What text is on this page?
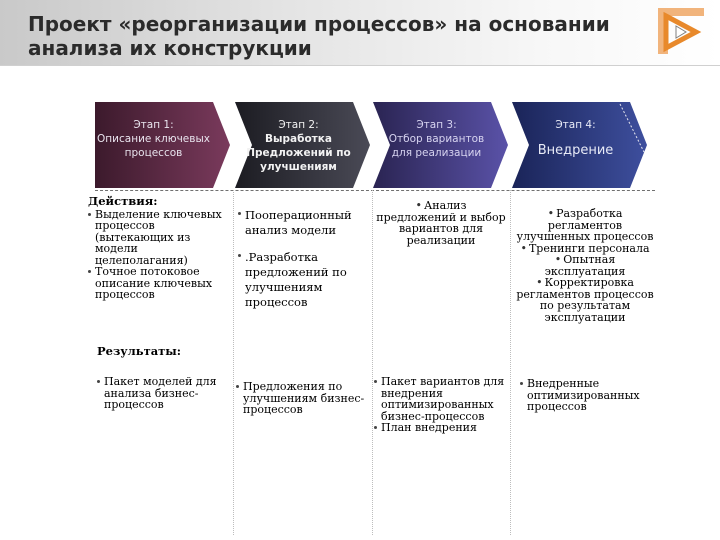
Проект «реорганизации процессов» на основании анализа их конструкции
Этап 1:
Описание ключевых процессов
Этап 2:
Выработка Предложений по улучшениям
Этап 3:
Отбор вариантов для реализации
Этап 4:
Внедрение
Действия:
Выделение ключевых процессов (вытекающих из модели целеполагания)
Точное потоковое описание ключевых процессов
Пооперационный анализ модели
.Разработка предложений по улучшениям процессов
• Анализ предложений и выбор вариантов для реализации
• Разработка регламентов улучшенных процессов
• Тренинги персонала
• Опытная эксплуатация
• Корректировка регламентов процессов по результатам эксплуатации
Результаты:
Пакет моделей для анализа бизнес-процессов
Предложения по улучшениям бизнес-процессов
Пакет вариантов для внедрения оптимизированных бизнес-процессов
План внедрения
Внедренные оптимизированных процессов
